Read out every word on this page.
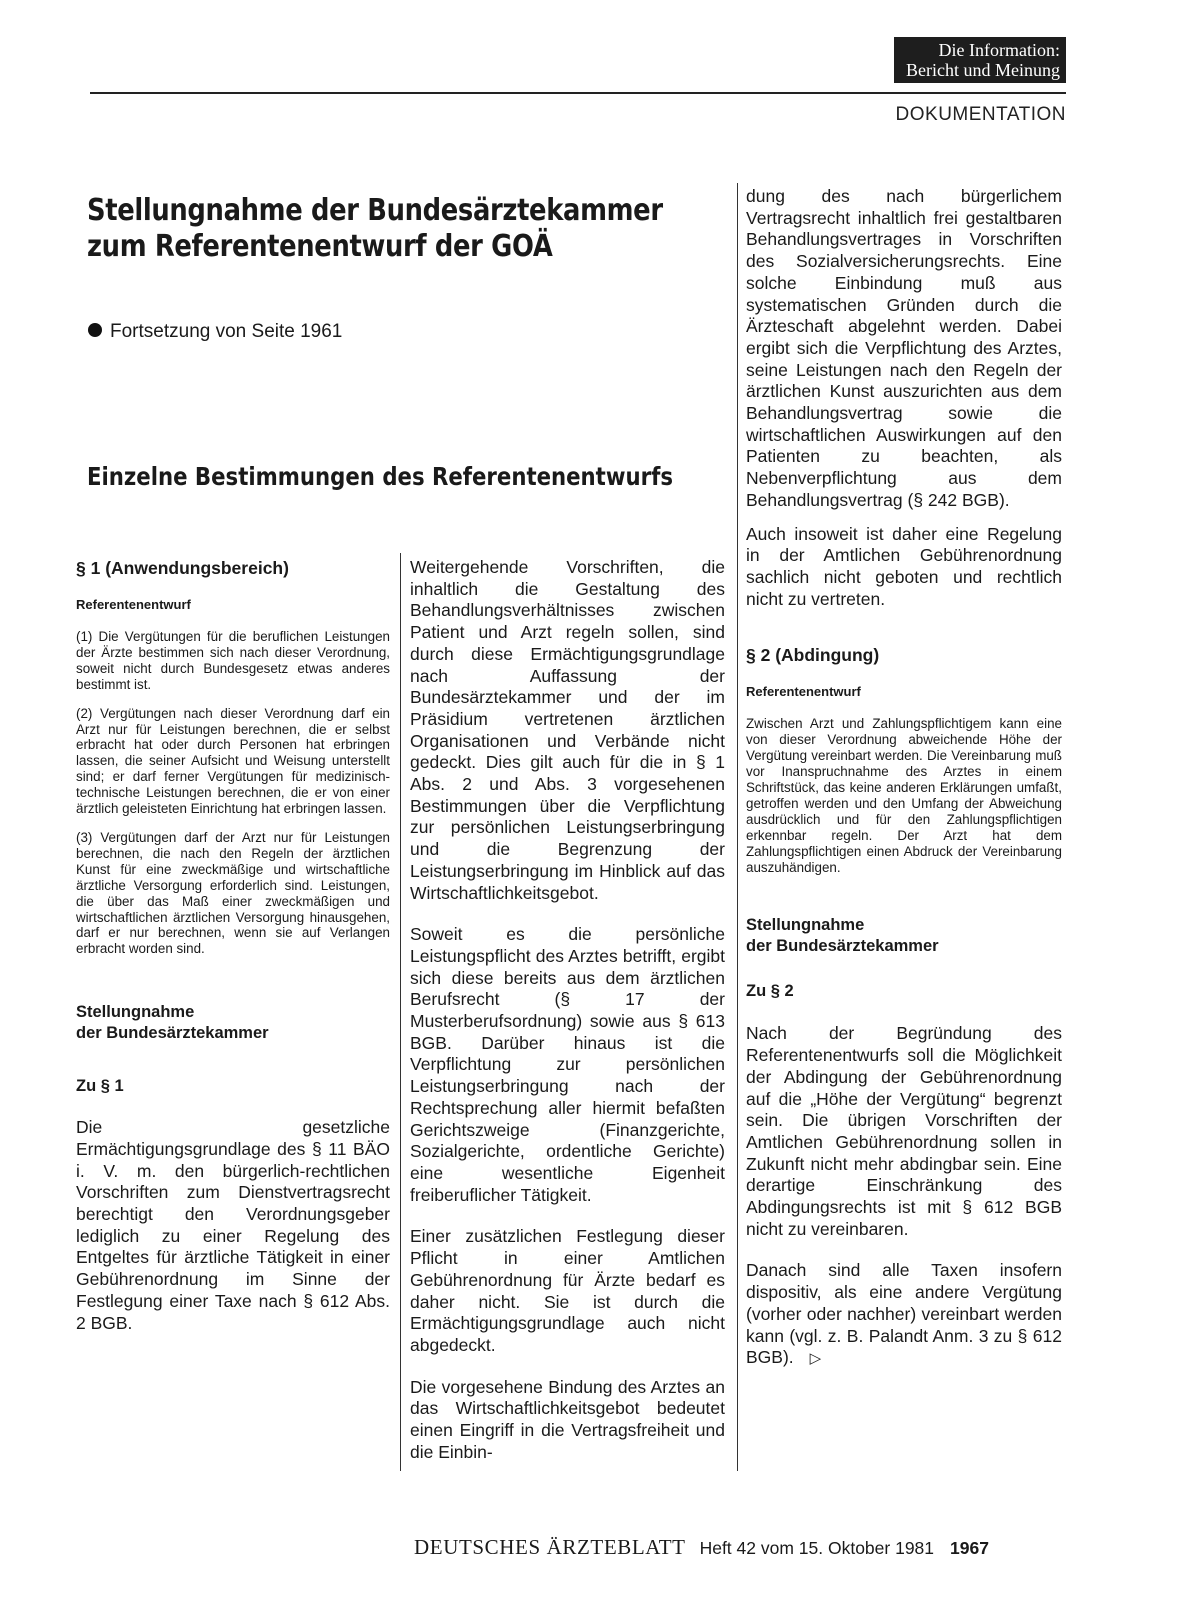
Die Information:
Bericht und Meinung
DOKUMENTATION
Stellungnahme der Bundesärztekammer
zum Referentenentwurf der GOÄ
Fortsetzung von Seite 1961
Einzelne Bestimmungen des Referentenentwurfs

§ 1 (Anwendungsbereich)

Referentenentwurf

(1) Die Vergütungen für die beruflichen Leistungen der Ärzte bestimmen sich nach dieser Verordnung, soweit nicht durch Bundesgesetz etwas anderes bestimmt ist.

(2) Vergütungen nach dieser Verordnung darf ein Arzt nur für Leistungen berechnen, die er selbst erbracht hat oder durch Personen hat erbringen lassen, die seiner Aufsicht und Weisung unterstellt sind; er darf ferner Vergütungen für medizinisch-technische Leistungen berechnen, die er von einer ärztlich geleisteten Einrichtung hat erbringen lassen.

(3) Vergütungen darf der Arzt nur für Leistungen berechnen, die nach den Regeln der ärztlichen Kunst für eine zweckmäßige und wirtschaftliche ärztliche Versorgung erforderlich sind. Leistungen, die über das Maß einer zweckmäßigen und wirtschaftlichen ärztlichen Versorgung hinausgehen, darf er nur berechnen, wenn sie auf Verlangen erbracht worden sind.

Stellungnahme
der Bundesärztekammer

Zu § 1

Die gesetzliche Ermächtigungsgrundlage des § 11 BÄO i. V. m. den bürgerlich-rechtlichen Vorschriften zum Dienstvertragsrecht berechtigt den Verordnungsgeber lediglich zu einer Regelung des Entgeltes für ärztliche Tätigkeit in einer Gebührenordnung im Sinne der Festlegung einer Taxe nach § 612 Abs. 2 BGB.

Weitergehende Vorschriften, die inhaltlich die Gestaltung des Behandlungsverhältnisses zwischen Patient und Arzt regeln sollen, sind durch diese Ermächtigungsgrundlage nach Auffassung der Bundesärztekammer und der im Präsidium vertretenen ärztlichen Organisationen und Verbände nicht gedeckt. Dies gilt auch für die in § 1 Abs. 2 und Abs. 3 vorgesehenen Bestimmungen über die Verpflichtung zur persönlichen Leistungserbringung und die Begrenzung der Leistungserbringung im Hinblick auf das Wirtschaftlichkeitsgebot.

Soweit es die persönliche Leistungspflicht des Arztes betrifft, ergibt sich diese bereits aus dem ärztlichen Berufsrecht (§ 17 der Musterberufsordnung) sowie aus § 613 BGB. Darüber hinaus ist die Verpflichtung zur persönlichen Leistungserbringung nach der Rechtsprechung aller hiermit befaßten Gerichtszweige (Finanzgerichte, Sozialgerichte, ordentliche Gerichte) eine wesentliche Eigenheit freiberuflicher Tätigkeit.

Einer zusätzlichen Festlegung dieser Pflicht in einer Amtlichen Gebührenordnung für Ärzte bedarf es daher nicht. Sie ist durch die Ermächtigungsgrundlage auch nicht abgedeckt.

Die vorgesehene Bindung des Arztes an das Wirtschaftlichkeitsgebot bedeutet einen Eingriff in die Vertragsfreiheit und die Einbin-

dung des nach bürgerlichem Vertragsrecht inhaltlich frei gestaltbaren Behandlungsvertrages in Vorschriften des Sozialversicherungsrechts. Eine solche Einbindung muß aus systematischen Gründen durch die Ärzteschaft abgelehnt werden. Dabei ergibt sich die Verpflichtung des Arztes, seine Leistungen nach den Regeln der ärztlichen Kunst auszurichten aus dem Behandlungsvertrag sowie die wirtschaftlichen Auswirkungen auf den Patienten zu beachten, als Nebenverpflichtung aus dem Behandlungsvertrag (§ 242 BGB).

Auch insoweit ist daher eine Regelung in der Amtlichen Gebührenordnung sachlich nicht geboten und rechtlich nicht zu vertreten.

§ 2 (Abdingung)

Referentenentwurf

Zwischen Arzt und Zahlungspflichtigem kann eine von dieser Verordnung abweichende Höhe der Vergütung vereinbart werden. Die Vereinbarung muß vor Inanspruchnahme des Arztes in einem Schriftstück, das keine anderen Erklärungen umfaßt, getroffen werden und den Umfang der Abweichung ausdrücklich und für den Zahlungspflichtigen erkennbar regeln. Der Arzt hat dem Zahlungspflichtigen einen Abdruck der Vereinbarung auszuhändigen.

Stellungnahme
der Bundesärztekammer

Zu § 2

Nach der Begründung des Referentenentwurfs soll die Möglichkeit der Abdingung der Gebührenordnung auf die „Höhe der Vergütung“ begrenzt sein. Die übrigen Vorschriften der Amtlichen Gebührenordnung sollen in Zukunft nicht mehr abdingbar sein. Eine derartige Einschränkung des Abdingungsrechts ist mit § 612 BGB nicht zu vereinbaren.

Danach sind alle Taxen insofern dispositiv, als eine andere Vergütung (vorher oder nachher) vereinbart werden kann (vgl. z. B. Palandt Anm. 3 zu § 612 BGB). ▷

DEUTSCHES ÄRZTEBLATT Heft 42 vom 15. Oktober 1981 1967
